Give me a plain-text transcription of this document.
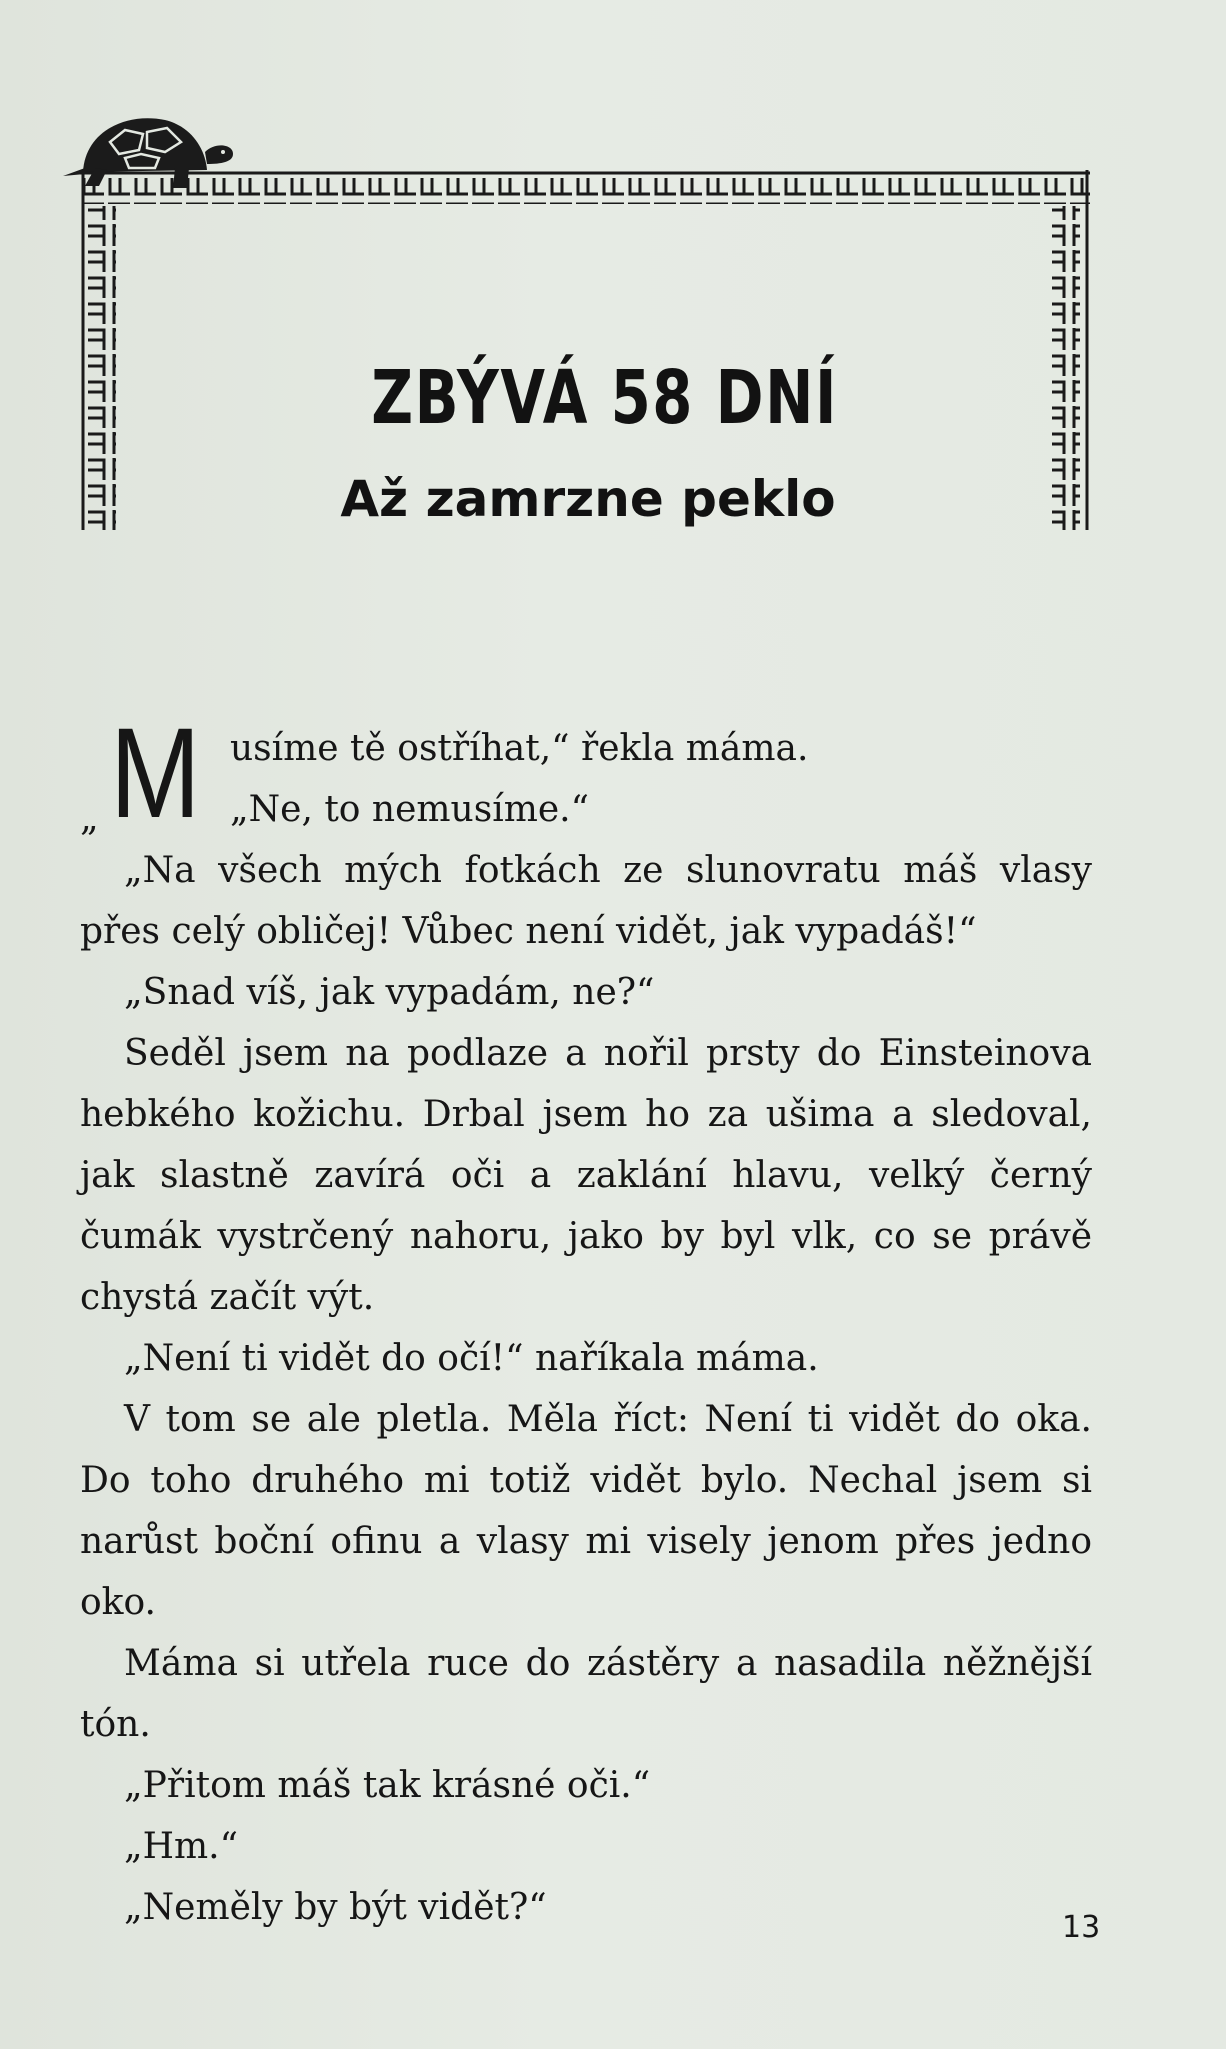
ZBÝVÁ 58 DNÍ
Až zamrzne peklo
„ M usíme tě ostříhat,“ řekla máma.
„Ne, to nemusíme.“

„Na všech mých fotkách ze slunovratu máš vlasy přes celý obličej! Vůbec není vidět, jak vypadáš!“

„Snad víš, jak vypadám, ne?“

Seděl jsem na podlaze a nořil prsty do Einsteinova hebkého kožichu. Drbal jsem ho za ušima a sledoval, jak slastně zavírá oči a zaklání hlavu, velký černý čumák vystrčený nahoru, jako by byl vlk, co se právě chystá začít výt.

„Není ti vidět do očí!“ naříkala máma.

V tom se ale pletla. Měla říct: Není ti vidět do oka. Do toho druhého mi totiž vidět bylo. Nechal jsem si narůst boční ofinu a vlasy mi visely jenom přes jedno oko.

Máma si utřela ruce do zástěry a nasadila něžnější tón.

„Přitom máš tak krásné oči.“

„Hm.“

„Neměly by být vidět?“	13
